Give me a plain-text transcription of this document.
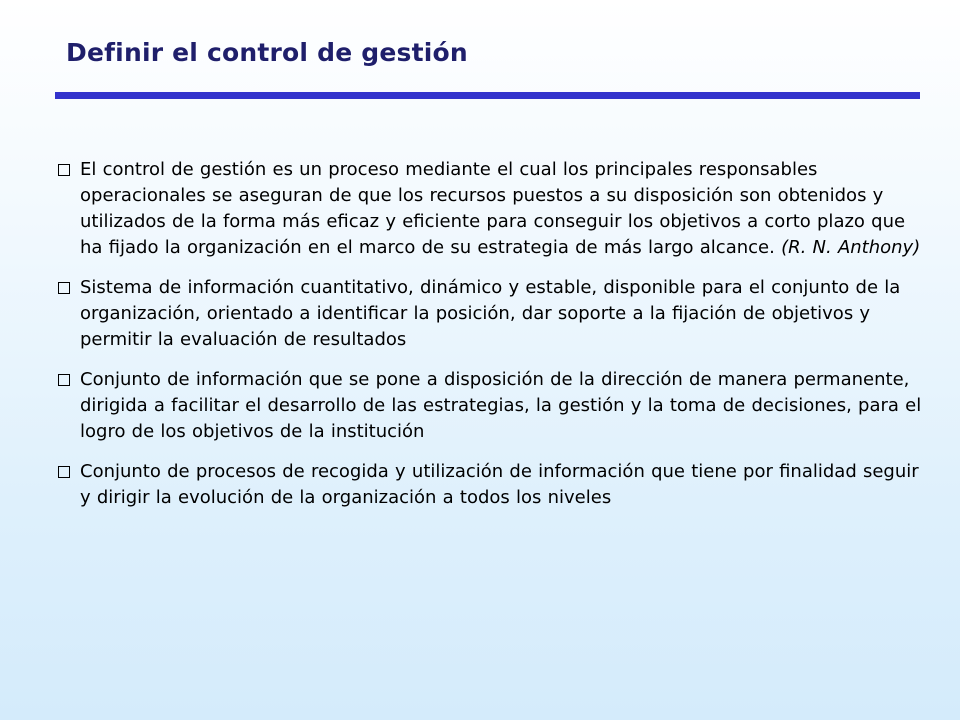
Definir el control de gestión
El control de gestión es un proceso mediante el cual los principales responsables operacionales se aseguran de que los recursos puestos a su disposición son obtenidos y utilizados de la forma más eficaz y eficiente para conseguir los objetivos a corto plazo que ha fijado la organización en el marco de su estrategia de más largo alcance. (R. N. Anthony)
Sistema de información cuantitativo, dinámico y estable, disponible para el conjunto de la organización, orientado a identificar la posición, dar soporte a la fijación de objetivos y permitir la evaluación de resultados
Conjunto de información que se pone a disposición de la dirección de manera permanente, dirigida a facilitar el desarrollo de las estrategias, la gestión y la toma de decisiones, para el logro de los objetivos de la institución
Conjunto de procesos de recogida y utilización de información que tiene por finalidad seguir y dirigir la evolución de la organización a todos los niveles
